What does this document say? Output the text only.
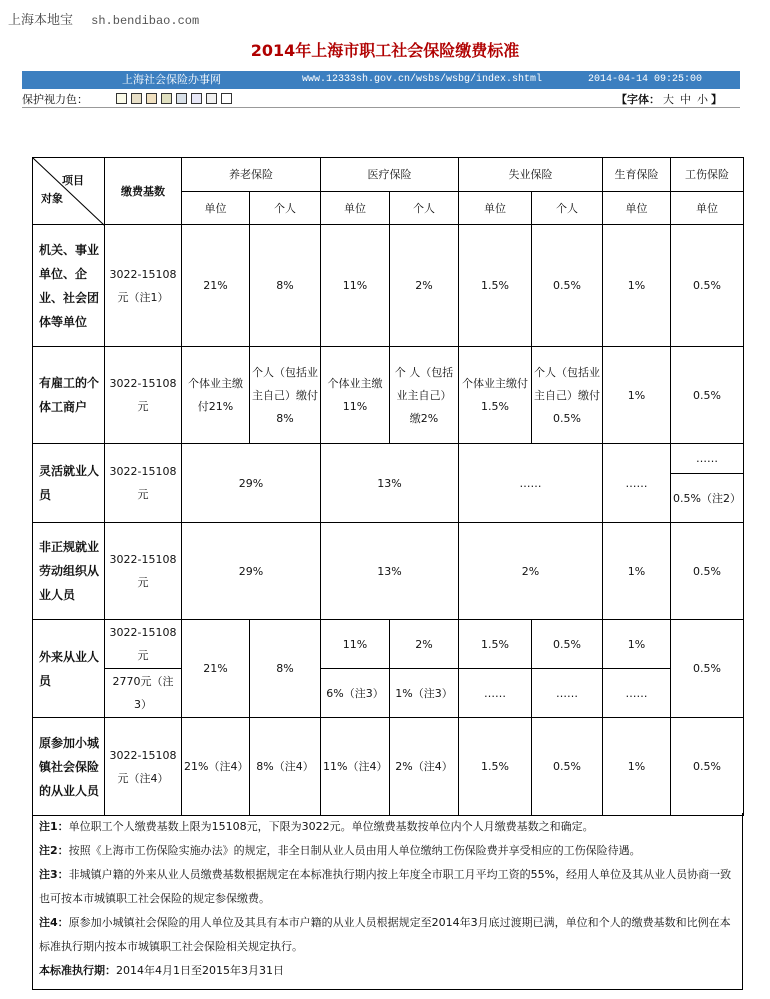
上海本地宝 sh.bendibao.com
2014年上海市职工社会保险缴费标准
上海社会保险办事网	www.12333sh.gov.cn/wsbs/wsbg/index.shtml	2014-04-14 09:25:00
保护视力色：	【字体： 大 中 小 】
项目
对象	缴费基数	养老保险		医疗保险		失业保险		生育保险	工伤保险
		单位	个人	单位	个人	单位	个人	单位	单位
机关、事业单位、企业、社会团体等单位	3022-15108元（注1）	21%	8%	11%	2%	1.5%	0.5%	1%	0.5%
有雇工的个体工商户	3022-15108元	个体业主缴付21%	个人（包括业主自己）缴付8%	个体业主缴11%	个 人（包括业主自己）缴2%	个体业主缴付1.5%	个人（包括业主自己）缴付0.5%	1%	0.5%
灵活就业人员	3022-15108元	29%		13%		……		……	……
									0.5%（注2）
非正规就业劳动组织从业人员	3022-15108元	29%		13%		2%		1%	0.5%
外来从业人员	3022-15108元	21%	8%	11%	2%	1.5%	0.5%	1%	0.5%
	2770元（注3）			6%（注3）	1%（注3）	……	……	……	
原参加小城镇社会保险的从业人员	3022-15108元（注4）	21%（注4）	8%（注4）	11%（注4）	2%（注4）	1.5%	0.5%	1%	0.5%
注1：单位职工个人缴费基数上限为15108元，下限为3022元。单位缴费基数按单位内个人月缴费基数之和确定。
注2：按照《上海市工伤保险实施办法》的规定，非全日制从业人员由用人单位缴纳工伤保险费并享受相应的工伤保险待遇。
注3：非城镇户籍的外来从业人员缴费基数根据规定在本标准执行期内按上年度全市职工月平均工资的55%，经用人单位及其从业人员协商一致也可按本市城镇职工社会保险的规定参保缴费。
注4：原参加小城镇社会保险的用人单位及其具有本市户籍的从业人员根据规定至2014年3月底过渡期已满，单位和个人的缴费基数和比例在本标准执行期内按本市城镇职工社会保险相关规定执行。
本标准执行期：2014年4月1日至2015年3月31日
